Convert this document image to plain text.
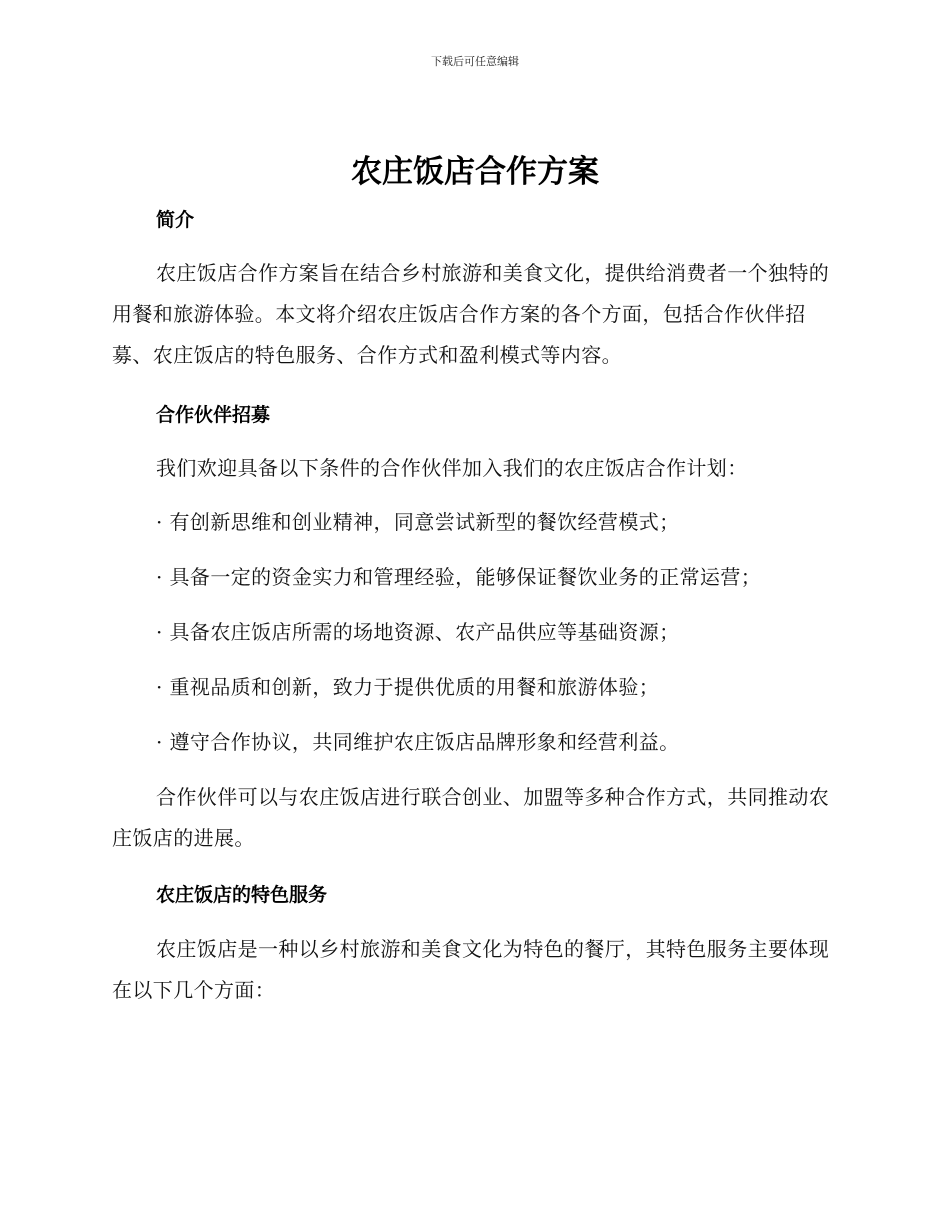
下载后可任意编辑
农庄饭店合作方案
简介

农庄饭店合作方案旨在结合乡村旅游和美食文化，提供给消费者一个独特的用餐和旅游体验。本文将介绍农庄饭店合作方案的各个方面，包括合作伙伴招募、农庄饭店的特色服务、合作方式和盈利模式等内容。

合作伙伴招募
我们欢迎具备以下条件的合作伙伴加入我们的农庄饭店合作计划：
· 有创新思维和创业精神，同意尝试新型的餐饮经营模式；
· 具备一定的资金实力和管理经验，能够保证餐饮业务的正常运营；
· 具备农庄饭店所需的场地资源、农产品供应等基础资源；
· 重视品质和创新，致力于提供优质的用餐和旅游体验；
· 遵守合作协议，共同维护农庄饭店品牌形象和经营利益。

合作伙伴可以与农庄饭店进行联合创业、加盟等多种合作方式，共同推动农庄饭店的进展。

农庄饭店的特色服务

农庄饭店是一种以乡村旅游和美食文化为特色的餐厅，其特色服务主要体现在以下几个方面：
